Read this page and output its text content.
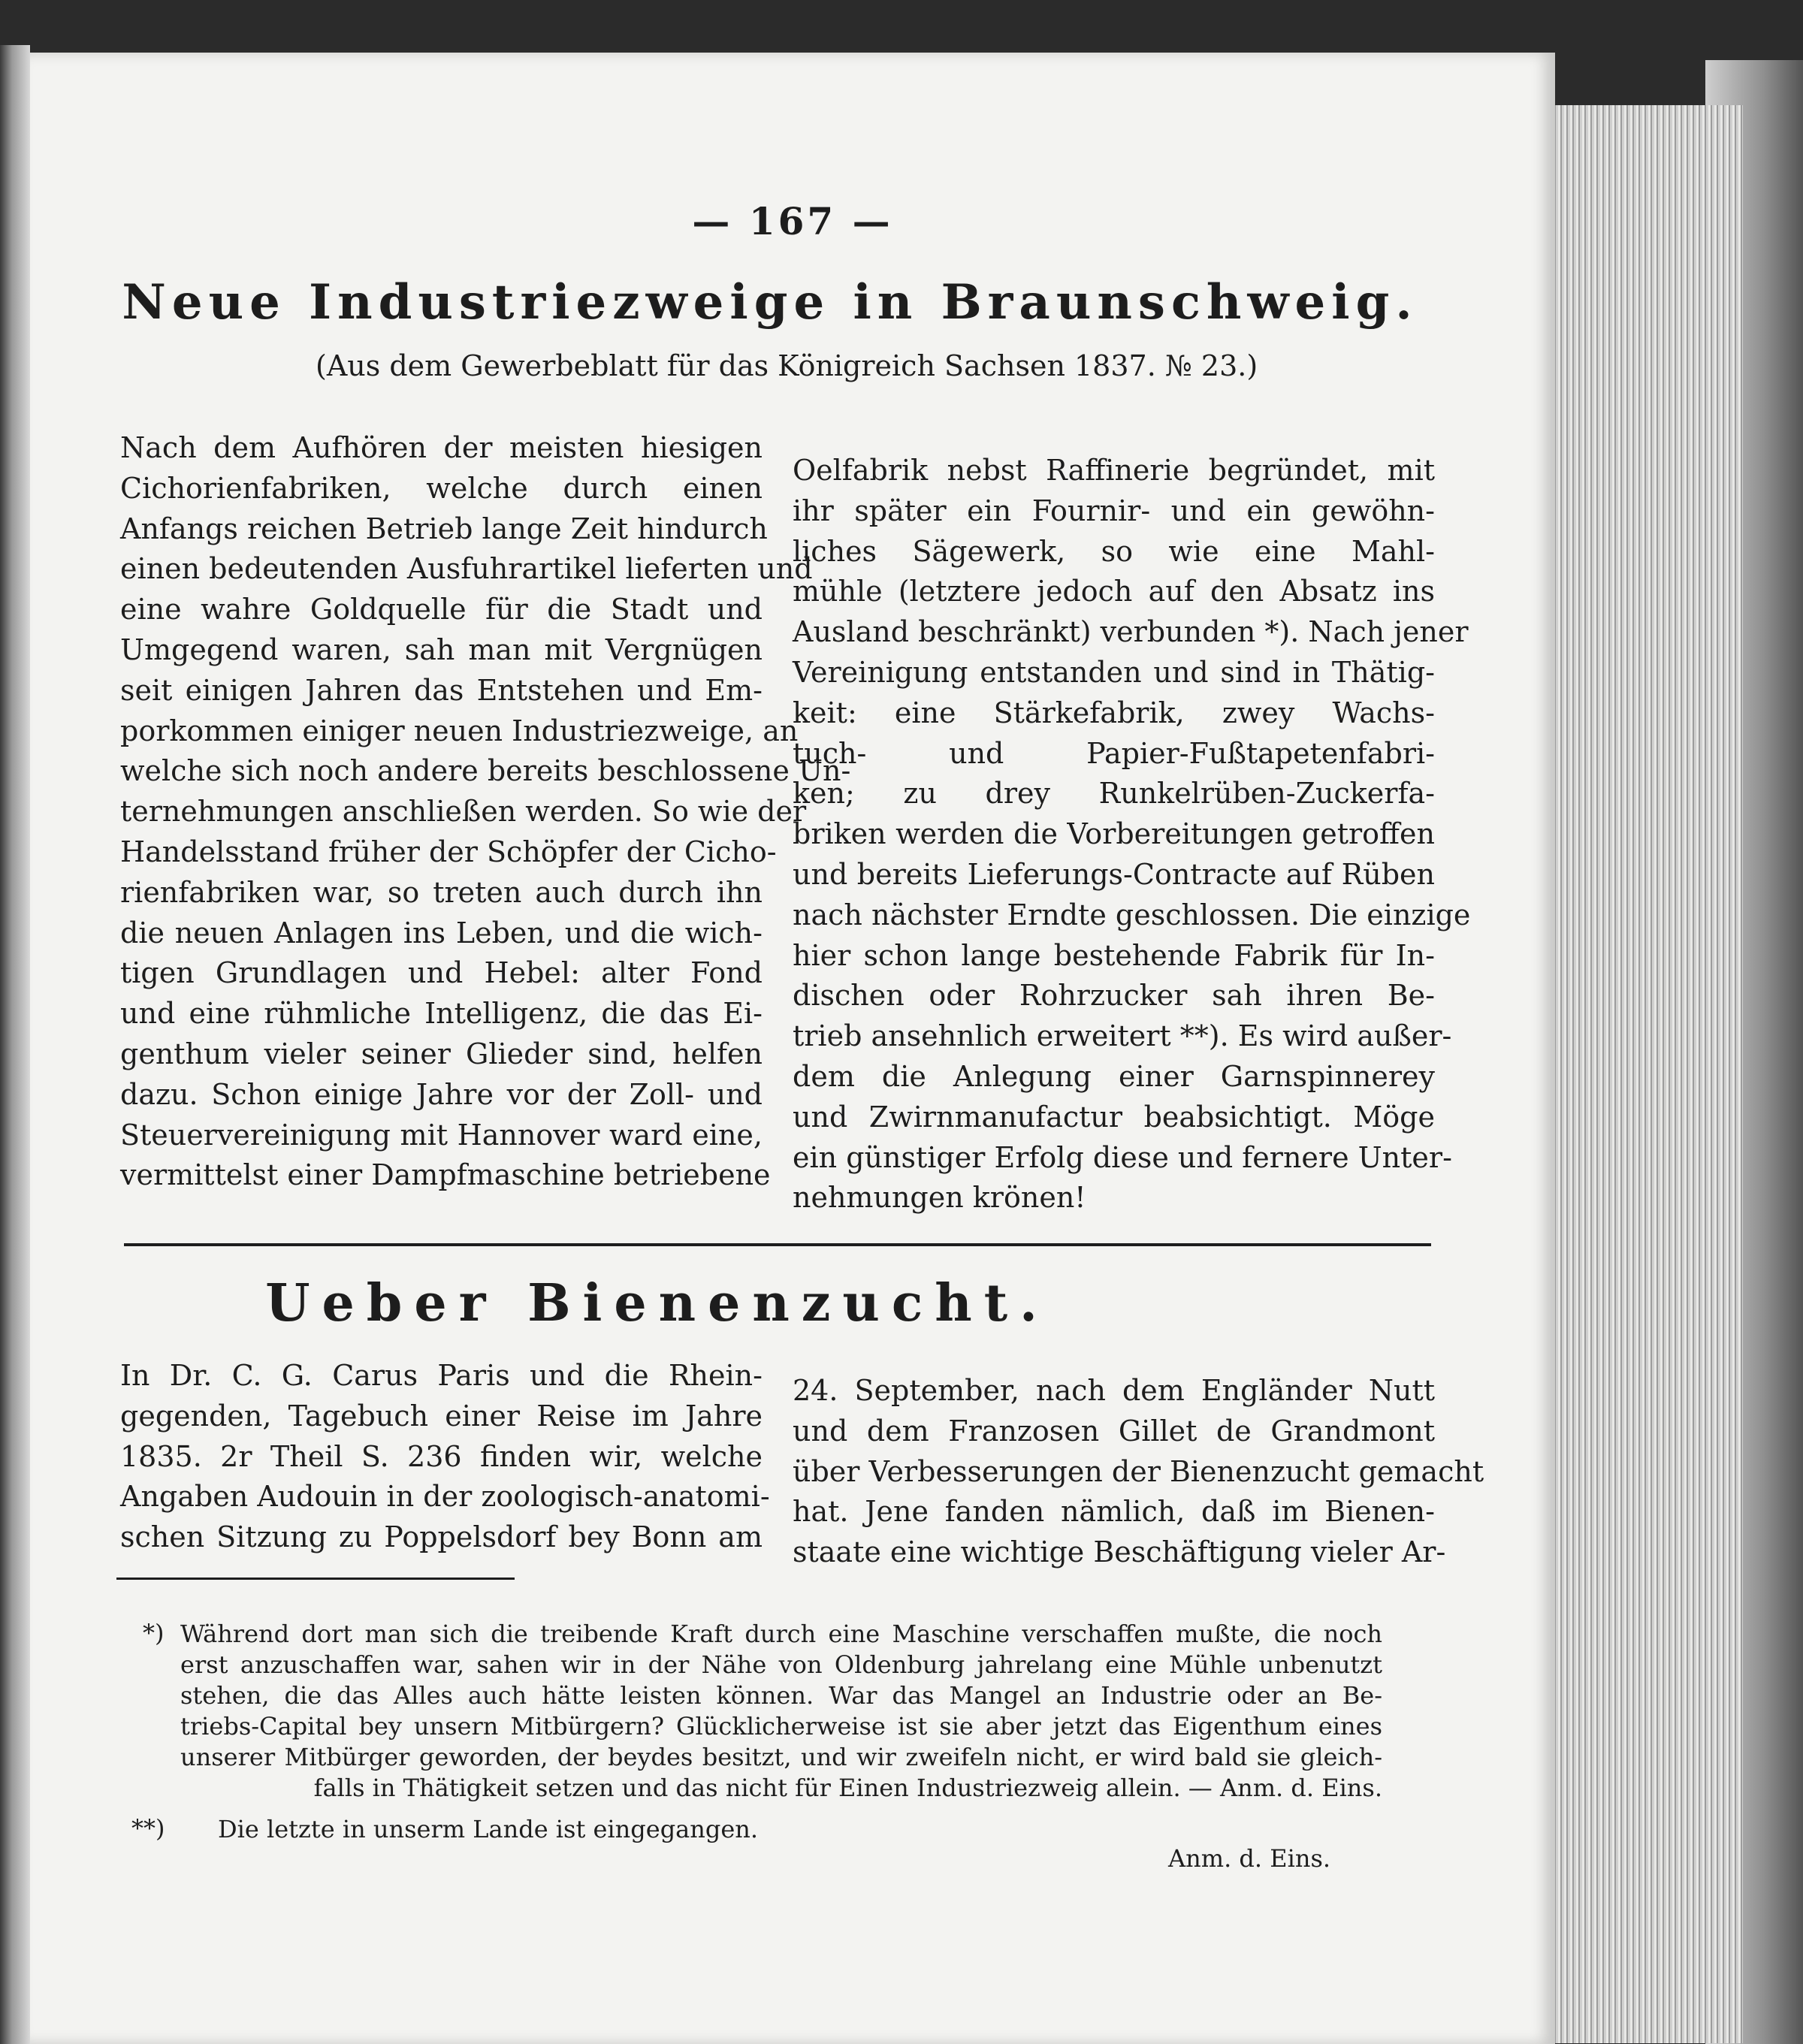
— 167 —
Neue Industriezweige in Braunschweig.
(Aus dem Gewerbeblatt für das Königreich Sachsen 1837. № 23.)
Nach dem Aufhören der meisten hiesigen
Cichorienfabriken, welche durch einen
Anfangs reichen Betrieb lange Zeit hindurch
einen bedeutenden Ausfuhrartikel lieferten und
eine wahre Goldquelle für die Stadt und
Umgegend waren, sah man mit Vergnügen
seit einigen Jahren das Entstehen und Em-
porkommen einiger neuen Industriezweige, an
welche sich noch andere bereits beschlossene Un-
ternehmungen anschließen werden. So wie der
Handelsstand früher der Schöpfer der Cicho-
rienfabriken war, so treten auch durch ihn
die neuen Anlagen ins Leben, und die wich-
tigen Grundlagen und Hebel: alter Fond
und eine rühmliche Intelligenz, die das Ei-
genthum vieler seiner Glieder sind, helfen
dazu. Schon einige Jahre vor der Zoll- und
Steuervereinigung mit Hannover ward eine,
vermittelst einer Dampfmaschine betriebene
Oelfabrik nebst Raffinerie begründet, mit
ihr später ein Fournir- und ein gewöhn-
liches Sägewerk, so wie eine Mahl-
mühle (letztere jedoch auf den Absatz ins
Ausland beschränkt) verbunden *). Nach jener
Vereinigung entstanden und sind in Thätig-
keit: eine Stärkefabrik, zwey Wachs-
tuch- und Papier-Fußtapetenfabri-
ken; zu drey Runkelrüben-Zuckerfa-
briken werden die Vorbereitungen getroffen
und bereits Lieferungs-Contracte auf Rüben
nach nächster Erndte geschlossen. Die einzige
hier schon lange bestehende Fabrik für In-
dischen oder Rohrzucker sah ihren Be-
trieb ansehnlich erweitert **). Es wird außer-
dem die Anlegung einer Garnspinnerey
und Zwirnmanufactur beabsichtigt. Möge
ein günstiger Erfolg diese und fernere Unter-
nehmungen krönen!
Ueber Bienenzucht.
In Dr. C. G. Carus Paris und die Rhein-
gegenden, Tagebuch einer Reise im Jahre
1835. 2r Theil S. 236 finden wir, welche
Angaben Audouin in der zoologisch-anatomi-
schen Sitzung zu Poppelsdorf bey Bonn am
24. September, nach dem Engländer Nutt
und dem Franzosen Gillet de Grandmont
über Verbesserungen der Bienenzucht gemacht
hat. Jene fanden nämlich, daß im Bienen-
staate eine wichtige Beschäftigung vieler Ar-
*) Während dort man sich die treibende Kraft durch eine Maschine verschaffen mußte, die noch
erst anzuschaffen war, sahen wir in der Nähe von Oldenburg jahrelang eine Mühle unbenutzt
stehen, die das Alles auch hätte leisten können. War das Mangel an Industrie oder an Be-
triebs-Capital bey unsern Mitbürgern? Glücklicherweise ist sie aber jetzt das Eigenthum eines
unserer Mitbürger geworden, der beydes besitzt, und wir zweifeln nicht, er wird bald sie gleich-
falls in Thätigkeit setzen und das nicht für Einen Industriezweig allein. — Anm. d. Eins.
**) Die letzte in unserm Lande ist eingegangen.
Anm. d. Eins.
